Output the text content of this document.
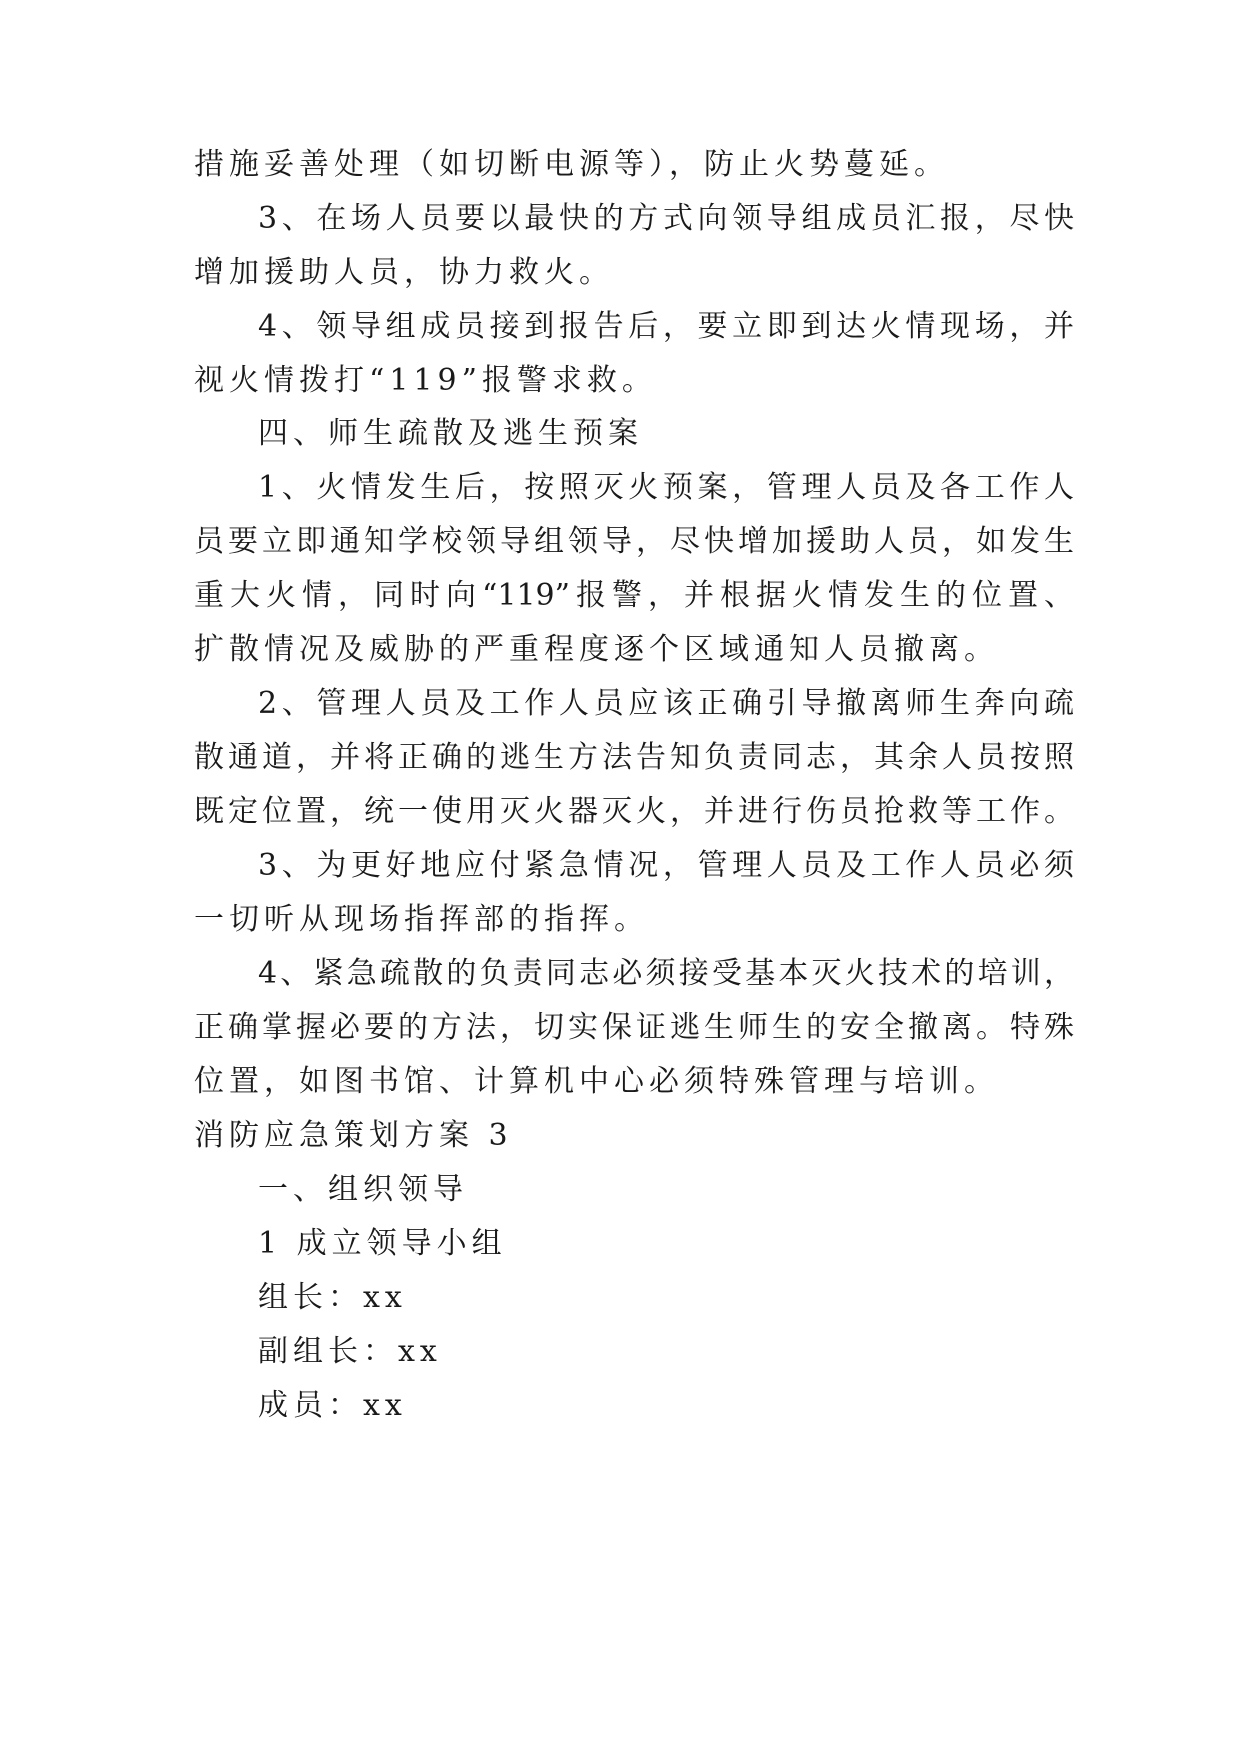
措施妥善处理（如切断电源等），防止火势蔓延。

3、在场人员要以最快的方式向领导组成员汇报，尽快

增加援助人员，协力救火。

4、领导组成员接到报告后，要立即到达火情现场，并

视火情拨打“119”报警求救。

四、师生疏散及逃生预案

1、火情发生后，按照灭火预案，管理人员及各工作人

员要立即通知学校领导组领导，尽快增加援助人员，如发生

重大火情，同时向“119”报警，并根据火情发生的位置、

扩散情况及威胁的严重程度逐个区域通知人员撤离。

2、管理人员及工作人员应该正确引导撤离师生奔向疏

散通道，并将正确的逃生方法告知负责同志，其余人员按照

既定位置，统一使用灭火器灭火，并进行伤员抢救等工作。

3、为更好地应付紧急情况，管理人员及工作人员必须

一切听从现场指挥部的指挥。

4、紧急疏散的负责同志必须接受基本灭火技术的培训，

正确掌握必要的方法，切实保证逃生师生的安全撤离。特殊

位置，如图书馆、计算机中心必须特殊管理与培训。

消防应急策划方案 3

一、组织领导

1 成立领导小组

组长：xx

副组长：xx

成员：xx
